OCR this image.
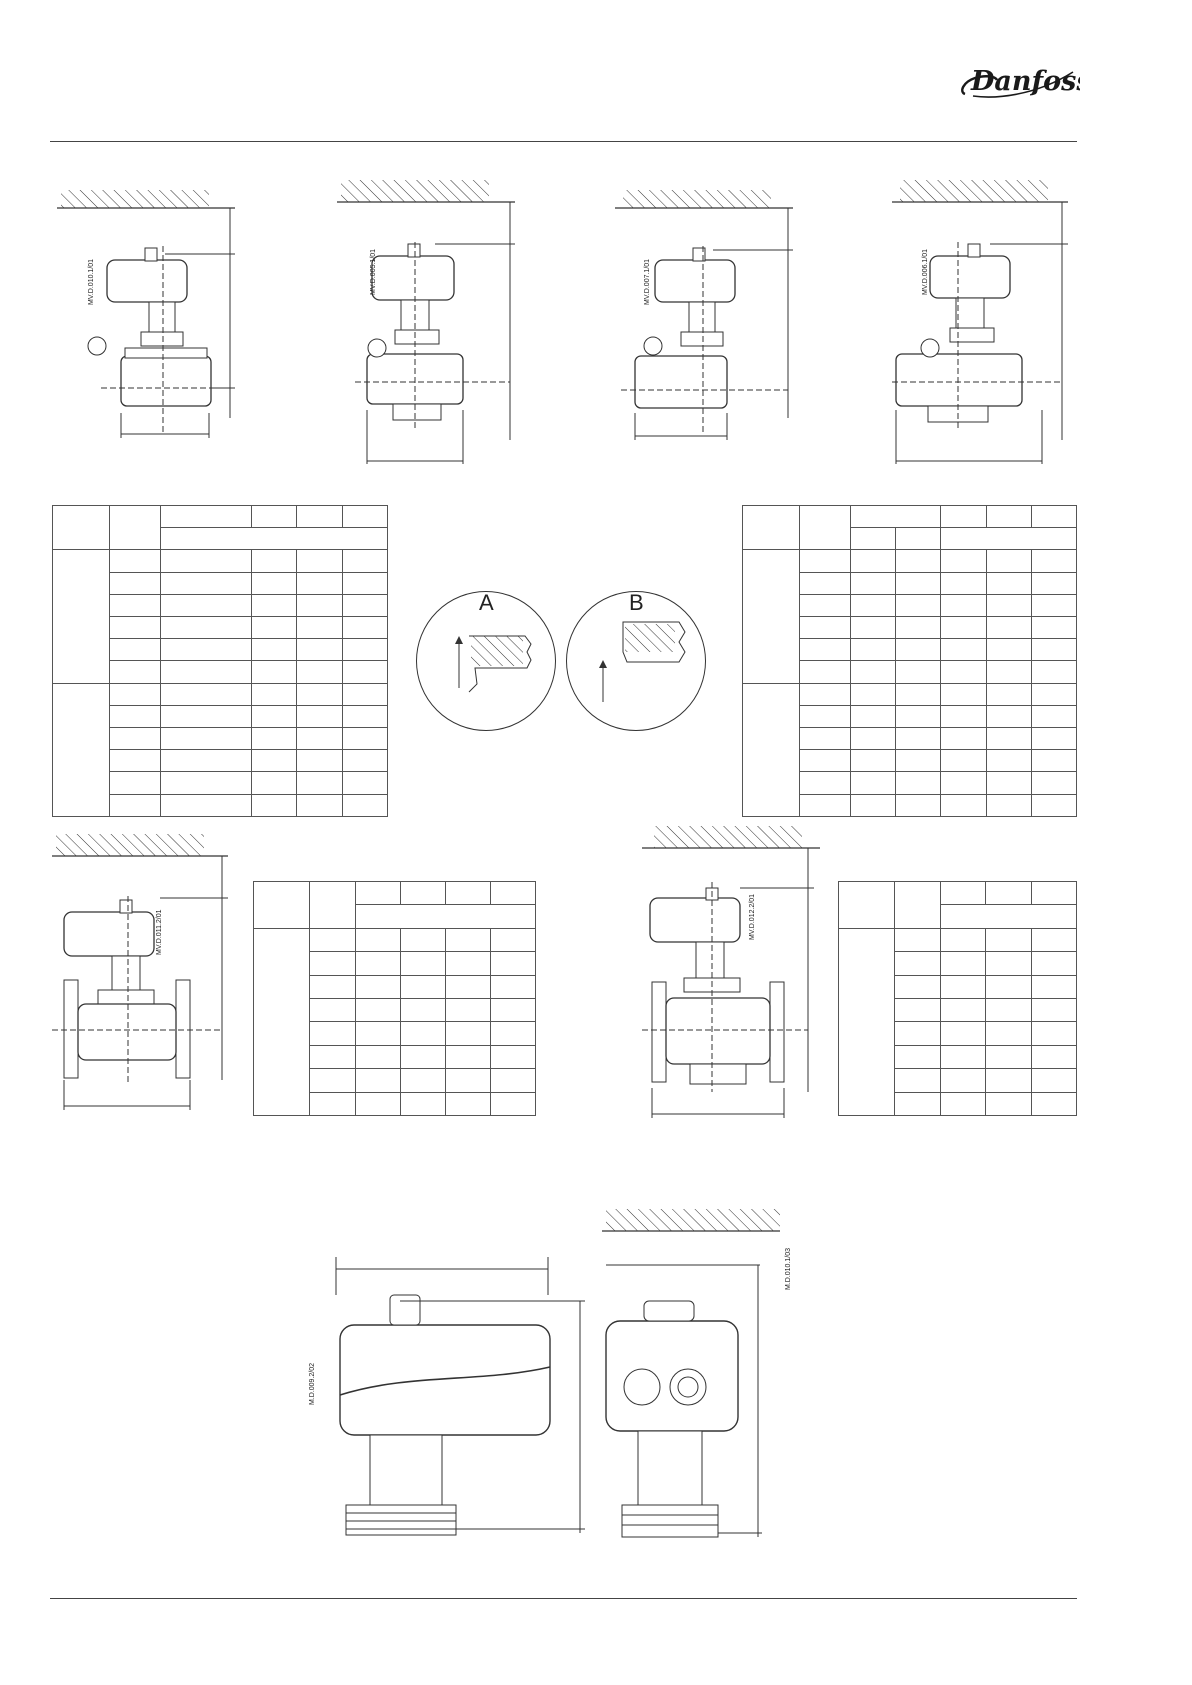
Danfoss
MV.D.010.1/01	MV.D.005.1/01	MV.D.007.1/01	MV.D.006.1/01

A	B
MV.D.011.2/01

					MV.D.012.2/01

M.D.009.2/02
M.D.010.1/03
